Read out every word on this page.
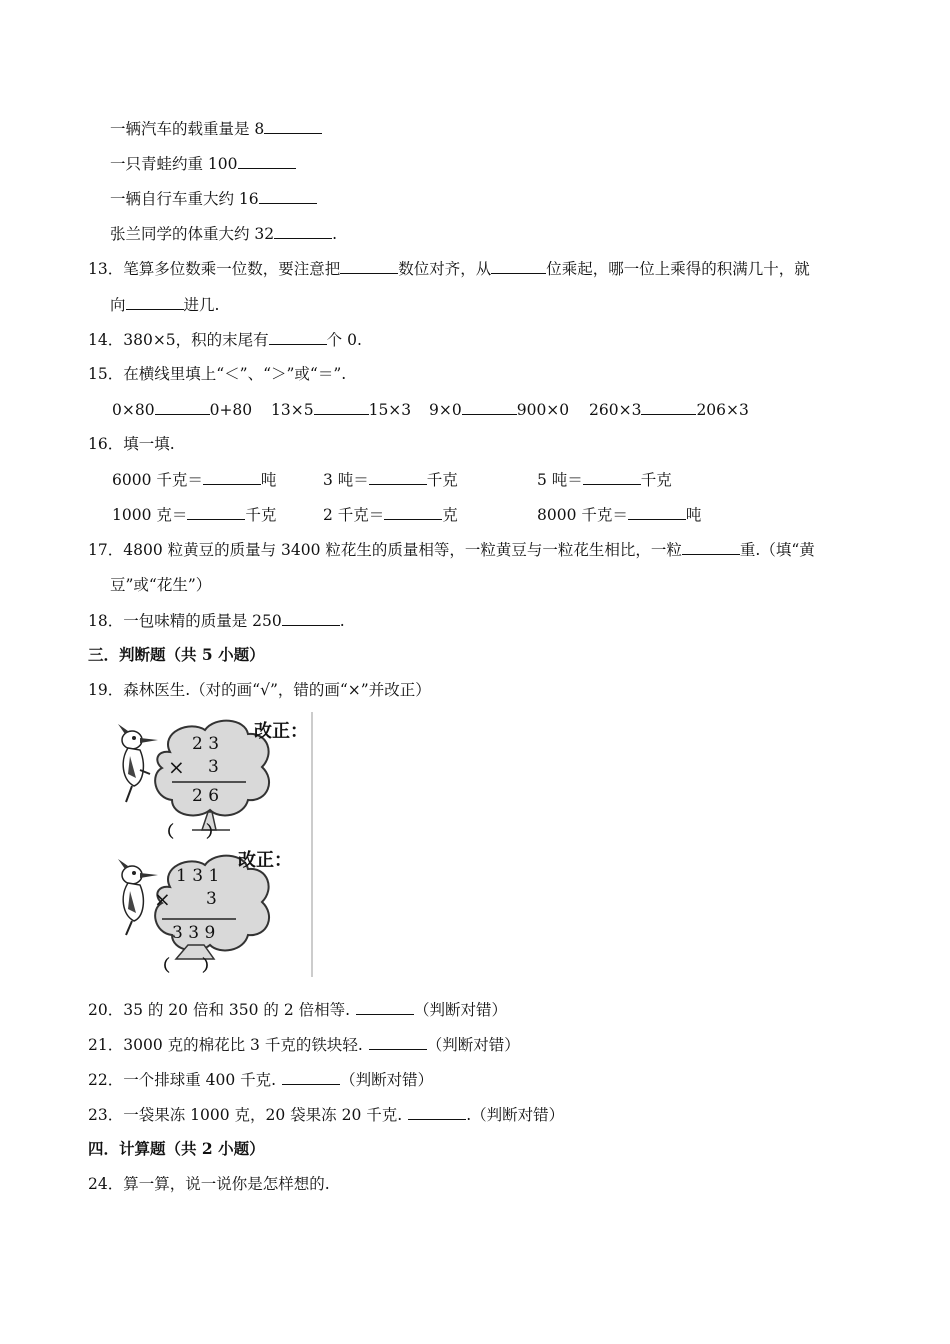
一辆汽车的载重量是 8
一只青蛙约重 100
一辆自行车重大约 16
张兰同学的体重大约 32	.
13．笔算多位数乘一位数，要注意把	数位对齐，从	位乘起，哪一位上乘得的积满几十，就
向	进几.
14．380×5，积的末尾有	个 0.
15．在横线里填上“＜”、“＞”或“＝”.
0×80	0+80 13×5	15×3 9×0	900×0 260×3	206×3
16．填一填.
6000 千克＝	吨	3 吨＝	千克	5 吨＝	千克
1000 克＝	千克	2 千克＝	克	8000 千克＝	吨
17．4800 粒黄豆的质量与 3400 粒花生的质量相等，一粒黄豆与一粒花生相比，一粒	重.（填“黄
豆”或“花生”）
18．一包味精的质量是 250	.
三．判断题（共 5 小题）
19．森林医生.（对的画“√”，错的画“×”并改正）
2 3
× 3
2 6
改正：
（　　）
1 3 1
× 3
3 3 9
改正：
（　　）
20．35 的 20 倍和 350 的 2 倍相等.	（判断对错）
21．3000 克的棉花比 3 千克的铁块轻.	（判断对错）
22．一个排球重 400 千克.	（判断对错）
23．一袋果冻 1000 克，20 袋果冻 20 千克.	.（判断对错）
四．计算题（共 2 小题）
24．算一算，说一说你是怎样想的.
